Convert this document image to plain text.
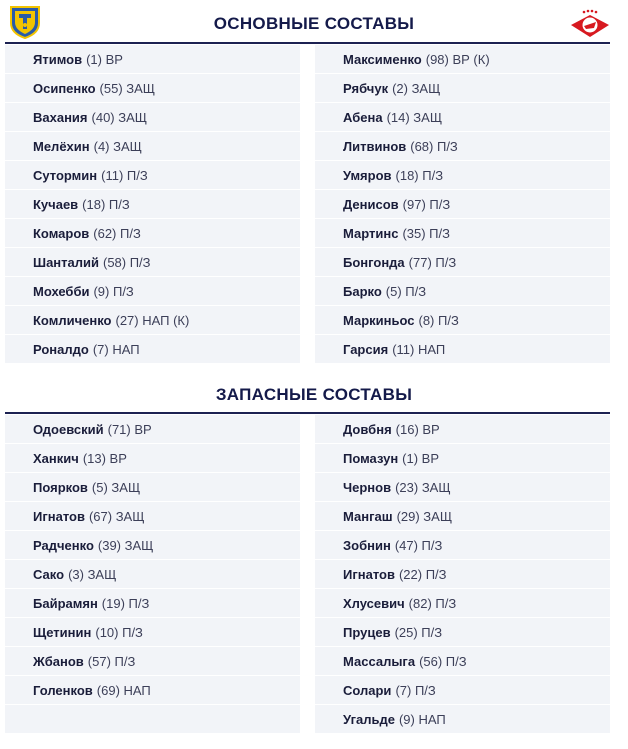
ОСНОВНЫЕ СОСТАВЫ
Ятимов (1) ВР
Осипенко (55) ЗАЩ
Вахания (40) ЗАЩ
Мелёхин (4) ЗАЩ
Сутормин (11) П/З
Кучаев (18) П/З
Комаров (62) П/З
Шанталий (58) П/З
Мохебби (9) П/З
Комличенко (27) НАП (К)
Роналдо (7) НАП
Максименко (98) ВР (К)
Рябчук (2) ЗАЩ
Абена (14) ЗАЩ
Литвинов (68) П/З
Умяров (18) П/З
Денисов (97) П/З
Мартинс (35) П/З
Бонгонда (77) П/З
Барко (5) П/З
Маркиньос (8) П/З
Гарсия (11) НАП
ЗАПАСНЫЕ СОСТАВЫ
Одоевский (71) ВР
Ханкич (13) ВР
Поярков (5) ЗАЩ
Игнатов (67) ЗАЩ
Радченко (39) ЗАЩ
Сако (3) ЗАЩ
Байрамян (19) П/З
Щетинин (10) П/З
Жбанов (57) П/З
Голенков (69) НАП
Довбня (16) ВР
Помазун (1) ВР
Чернов (23) ЗАЩ
Мангаш (29) ЗАЩ
Зобнин (47) П/З
Игнатов (22) П/З
Хлусевич (82) П/З
Пруцев (25) П/З
Массалыга (56) П/З
Солари (7) П/З
Угальде (9) НАП
